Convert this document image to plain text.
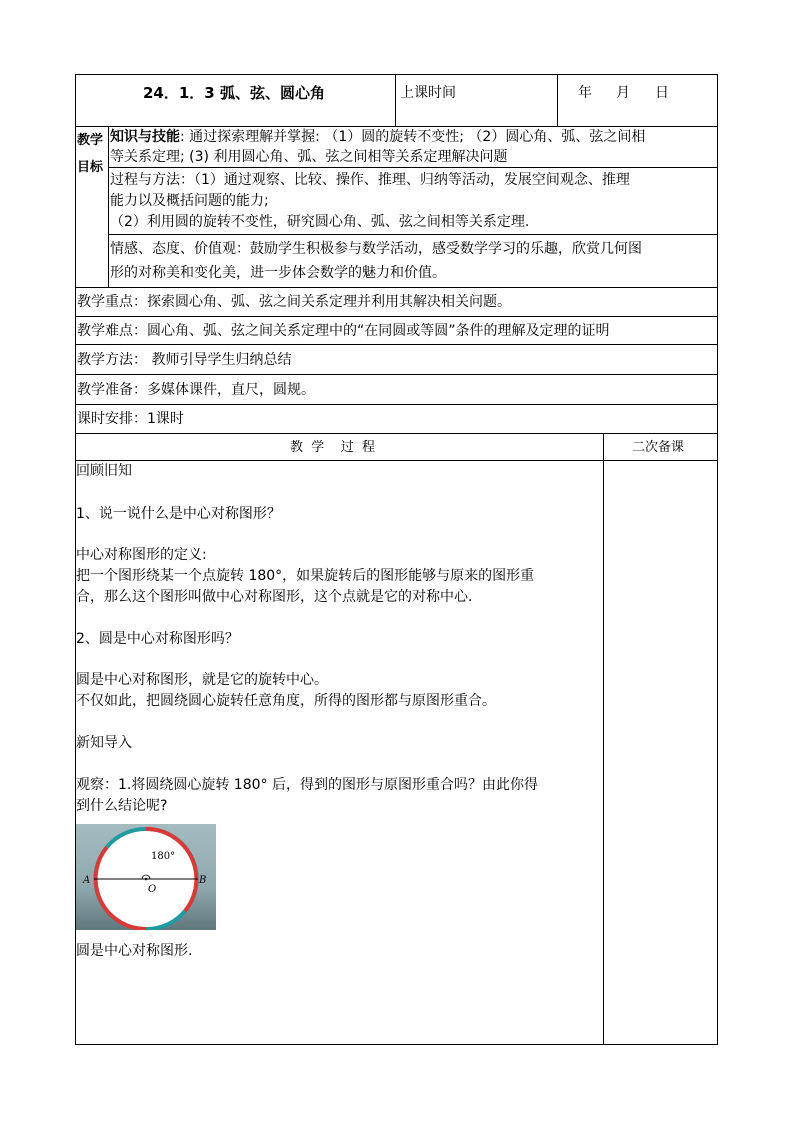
24．1．3 弧、弦、圆心角	上课时间	年 月 日
教学
目标
知识与技能: 通过探索理解并掌握: （1）圆的旋转不变性; （2）圆心角、弧、弦之间相
等关系定理; (3) 利用圆心角、弧、弦之间相等关系定理解决问题
过程与方法：（1）通过观察、比较、操作、推理、归纳等活动，发展空间观念、推理
能力以及概括问题的能力;
（2）利用圆的旋转不变性，研究圆心角、弧、弦之间相等关系定理.
情感、态度、价值观：鼓励学生积极参与数学活动，感受数学学习的乐趣，欣赏几何图
形的对称美和变化美，进一步体会数学的魅力和价值。
教学重点：探索圆心角、弧、弦之间关系定理并利用其解决相关问题。
教学难点：圆心角、弧、弦之间关系定理中的“在同圆或等圆”条件的理解及定理的证明
教学方法： 教师引导学生归纳总结
教学准备：多媒体课件，直尺，圆规。
课时安排：1课时
教  学    过  程	二次备课
回顾旧知
1、说一说什么是中心对称图形？
中心对称图形的定义:
把一个图形绕某一个点旋转 180°，如果旋转后的图形能够与原来的图形重
合，那么这个图形叫做中心对称图形，这个点就是它的对称中心.
2、圆是中心对称图形吗？
圆是中心对称图形，就是它的旋转中心。
不仅如此，把圆绕圆心旋转任意角度，所得的图形都与原图形重合。
新知导入
观察：1.将圆绕圆心旋转 180° 后，得到的图形与原图形重合吗？由此你得
到什么结论呢?
180°
A	B
O
圆是中心对称图形.
